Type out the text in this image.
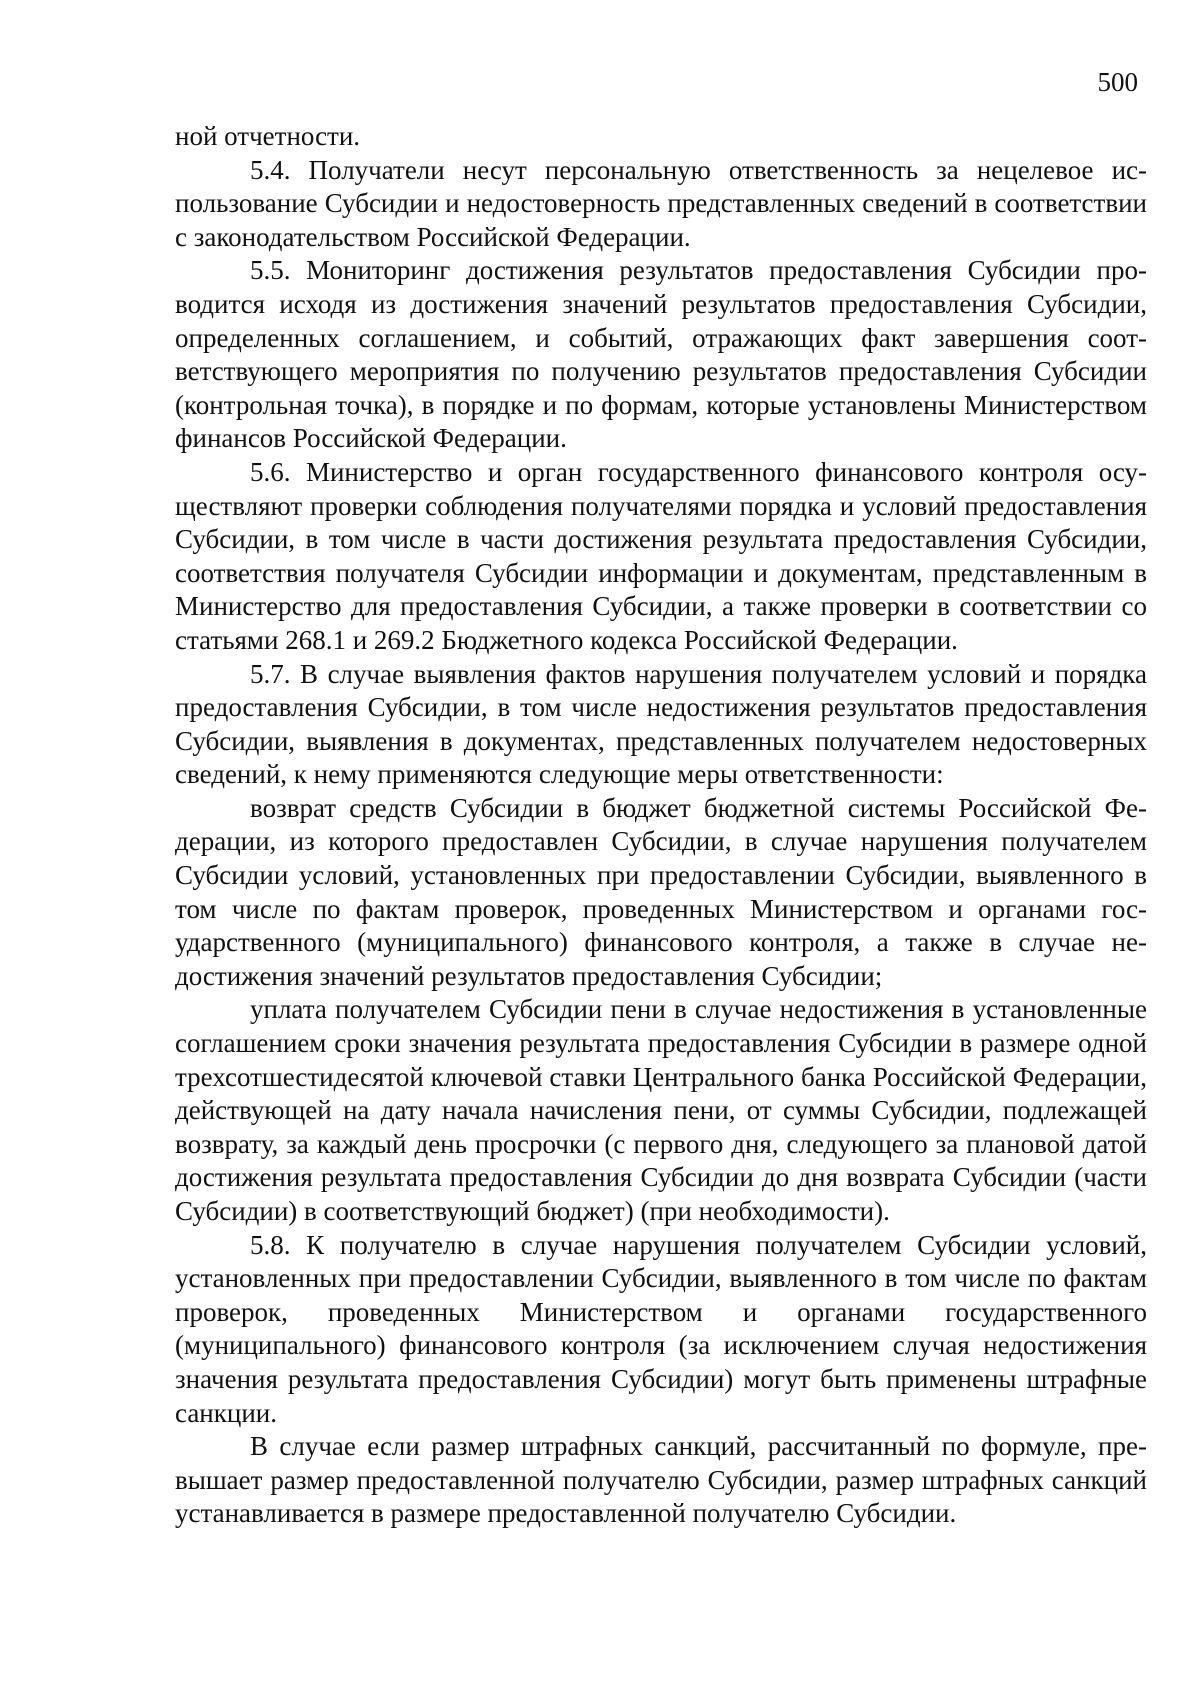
500

ной отчетности.

5.4. Получатели несут персональную ответственность за нецелевое использование Субсидии и недостоверность представленных сведений в соответствии с законодательством Российской Федерации.

5.5. Мониторинг достижения результатов предоставления Субсидии проводится исходя из достижения значений результатов предоставления Субсидии, определенных соглашением, и событий, отражающих факт завершения соответствующего мероприятия по получению результатов предоставления Субсидии (контрольная точка), в порядке и по формам, которые установлены Министерством финансов Российской Федерации.

5.6. Министерство и орган государственного финансового контроля осуществляют проверки соблюдения получателями порядка и условий предоставления Субсидии, в том числе в части достижения результата предоставления Субсидии, соответствия получателя Субсидии информации и документам, представленным в Министерство для предоставления Субсидии, а также проверки в соответствии со статьями 268.1 и 269.2 Бюджетного кодекса Российской Федерации.

5.7. В случае выявления фактов нарушения получателем условий и порядка предоставления Субсидии, в том числе недостижения результатов предоставления Субсидии, выявления в документах, представленных получателем недостоверных сведений, к нему применяются следующие меры ответственности:

возврат средств Субсидии в бюджет бюджетной системы Российской Федерации, из которого предоставлен Субсидии, в случае нарушения получателем Субсидии условий, установленных при предоставлении Субсидии, выявленного в том числе по фактам проверок, проведенных Министерством и органами государственного (муниципального) финансового контроля, а также в случае недостижения значений результатов предоставления Субсидии;

уплата получателем Субсидии пени в случае недостижения в установленные соглашением сроки значения результата предоставления Субсидии в размере одной трехсотшестидесятой ключевой ставки Центрального банка Российской Федерации, действующей на дату начала начисления пени, от суммы Субсидии, подлежащей возврату, за каждый день просрочки (с первого дня, следующего за плановой датой достижения результата предоставления Субсидии до дня возврата Субсидии (части Субсидии) в соответствующий бюджет) (при необходимости).

5.8. К получателю в случае нарушения получателем Субсидии условий, установленных при предоставлении Субсидии, выявленного в том числе по фактам проверок, проведенных Министерством и органами государственного (муниципального) финансового контроля (за исключением случая недостижения значения результата предоставления Субсидии) могут быть применены штрафные санкции.

В случае если размер штрафных санкций, рассчитанный по формуле, превышает размер предоставленной получателю Субсидии, размер штрафных санкций устанавливается в размере предоставленной получателю Субсидии.
